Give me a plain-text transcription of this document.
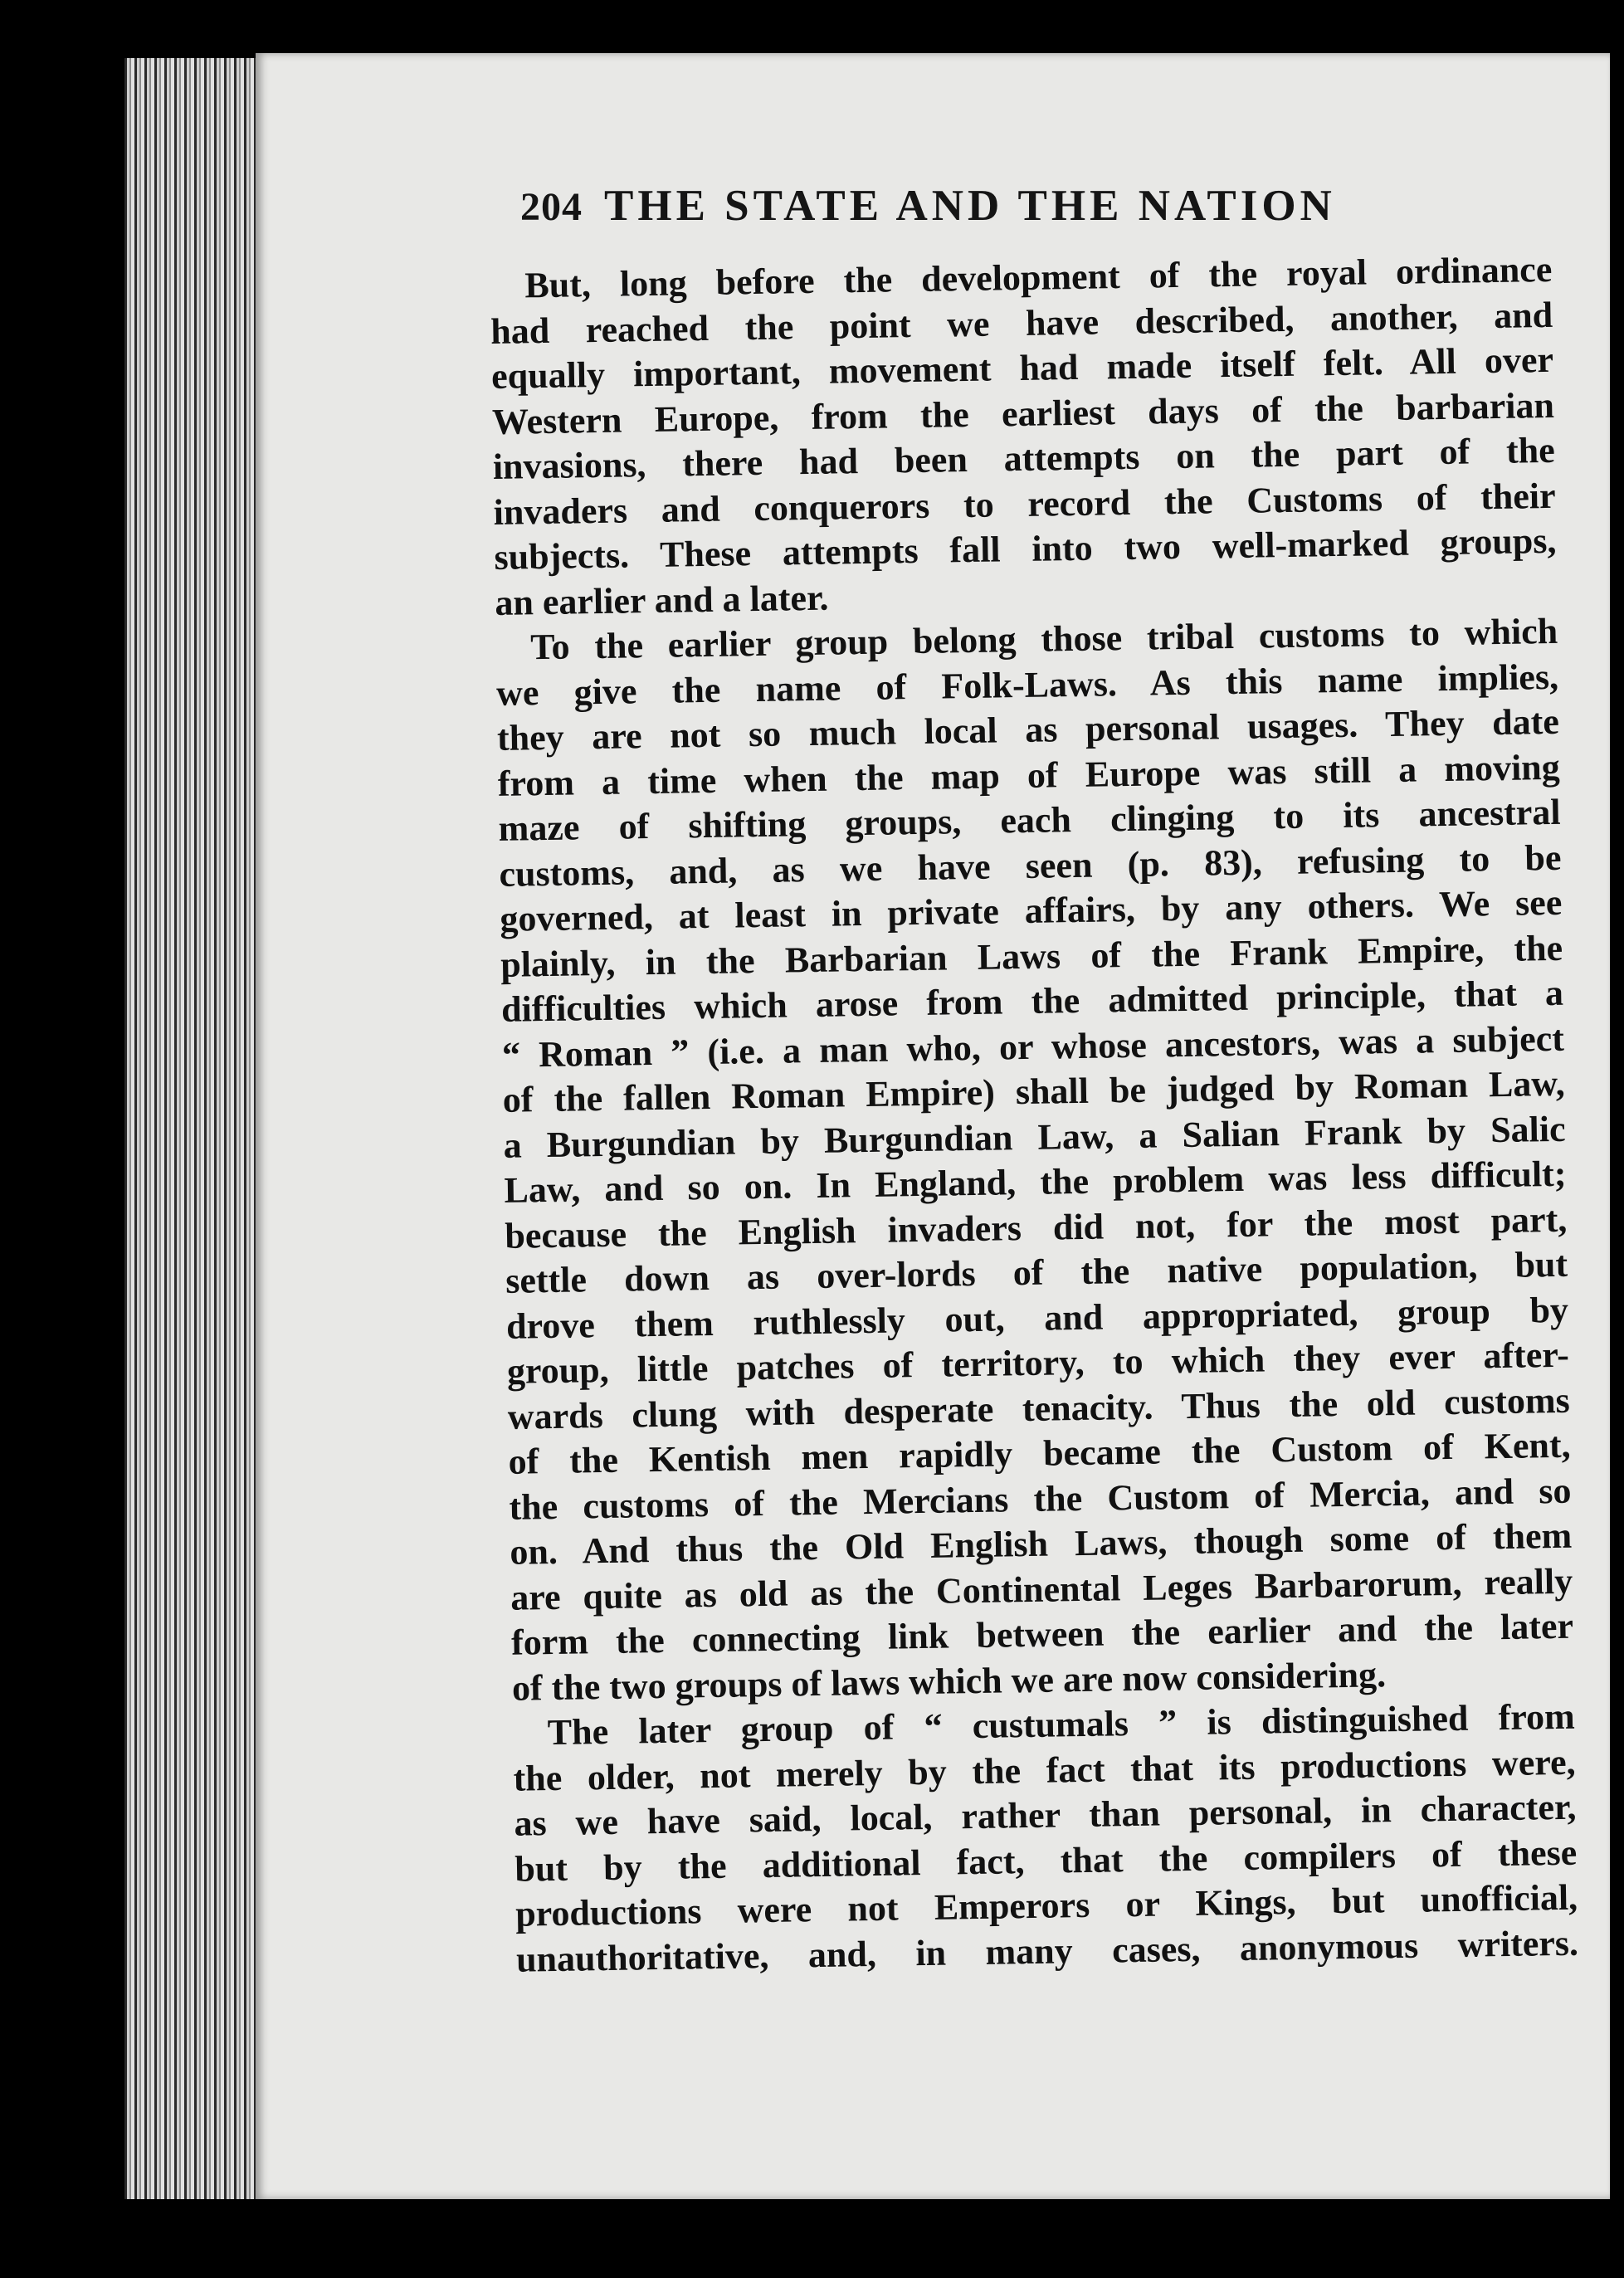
204 THE STATE AND THE NATION
But, long before the development of the royal ordinance
had reached the point we have described, another, and
equally important, movement had made itself felt. All over
Western Europe, from the earliest days of the barbarian
invasions, there had been attempts on the part of the
invaders and conquerors to record the Customs of their
subjects. These attempts fall into two well-marked groups,
an earlier and a later.
To the earlier group belong those tribal customs to which
we give the name of Folk-Laws. As this name implies,
they are not so much local as personal usages. They date
from a time when the map of Europe was still a moving
maze of shifting groups, each clinging to its ancestral
customs, and, as we have seen (p. 83), refusing to be
governed, at least in private affairs, by any others. We see
plainly, in the Barbarian Laws of the Frank Empire, the
difficulties which arose from the admitted principle, that a
“ Roman ” (i.e. a man who, or whose ancestors, was a subject
of the fallen Roman Empire) shall be judged by Roman Law,
a Burgundian by Burgundian Law, a Salian Frank by Salic
Law, and so on. In England, the problem was less difficult;
because the English invaders did not, for the most part,
settle down as over-lords of the native population, but
drove them ruthlessly out, and appropriated, group by
group, little patches of territory, to which they ever after-
wards clung with desperate tenacity. Thus the old customs
of the Kentish men rapidly became the Custom of Kent,
the customs of the Mercians the Custom of Mercia, and so
on. And thus the Old English Laws, though some of them
are quite as old as the Continental Leges Barbarorum, really
form the connecting link between the earlier and the later
of the two groups of laws which we are now considering.
The later group of “ custumals ” is distinguished from
the older, not merely by the fact that its productions were,
as we have said, local, rather than personal, in character,
but by the additional fact, that the compilers of these
productions were not Emperors or Kings, but unofficial,
unauthoritative, and, in many cases, anonymous writers.
